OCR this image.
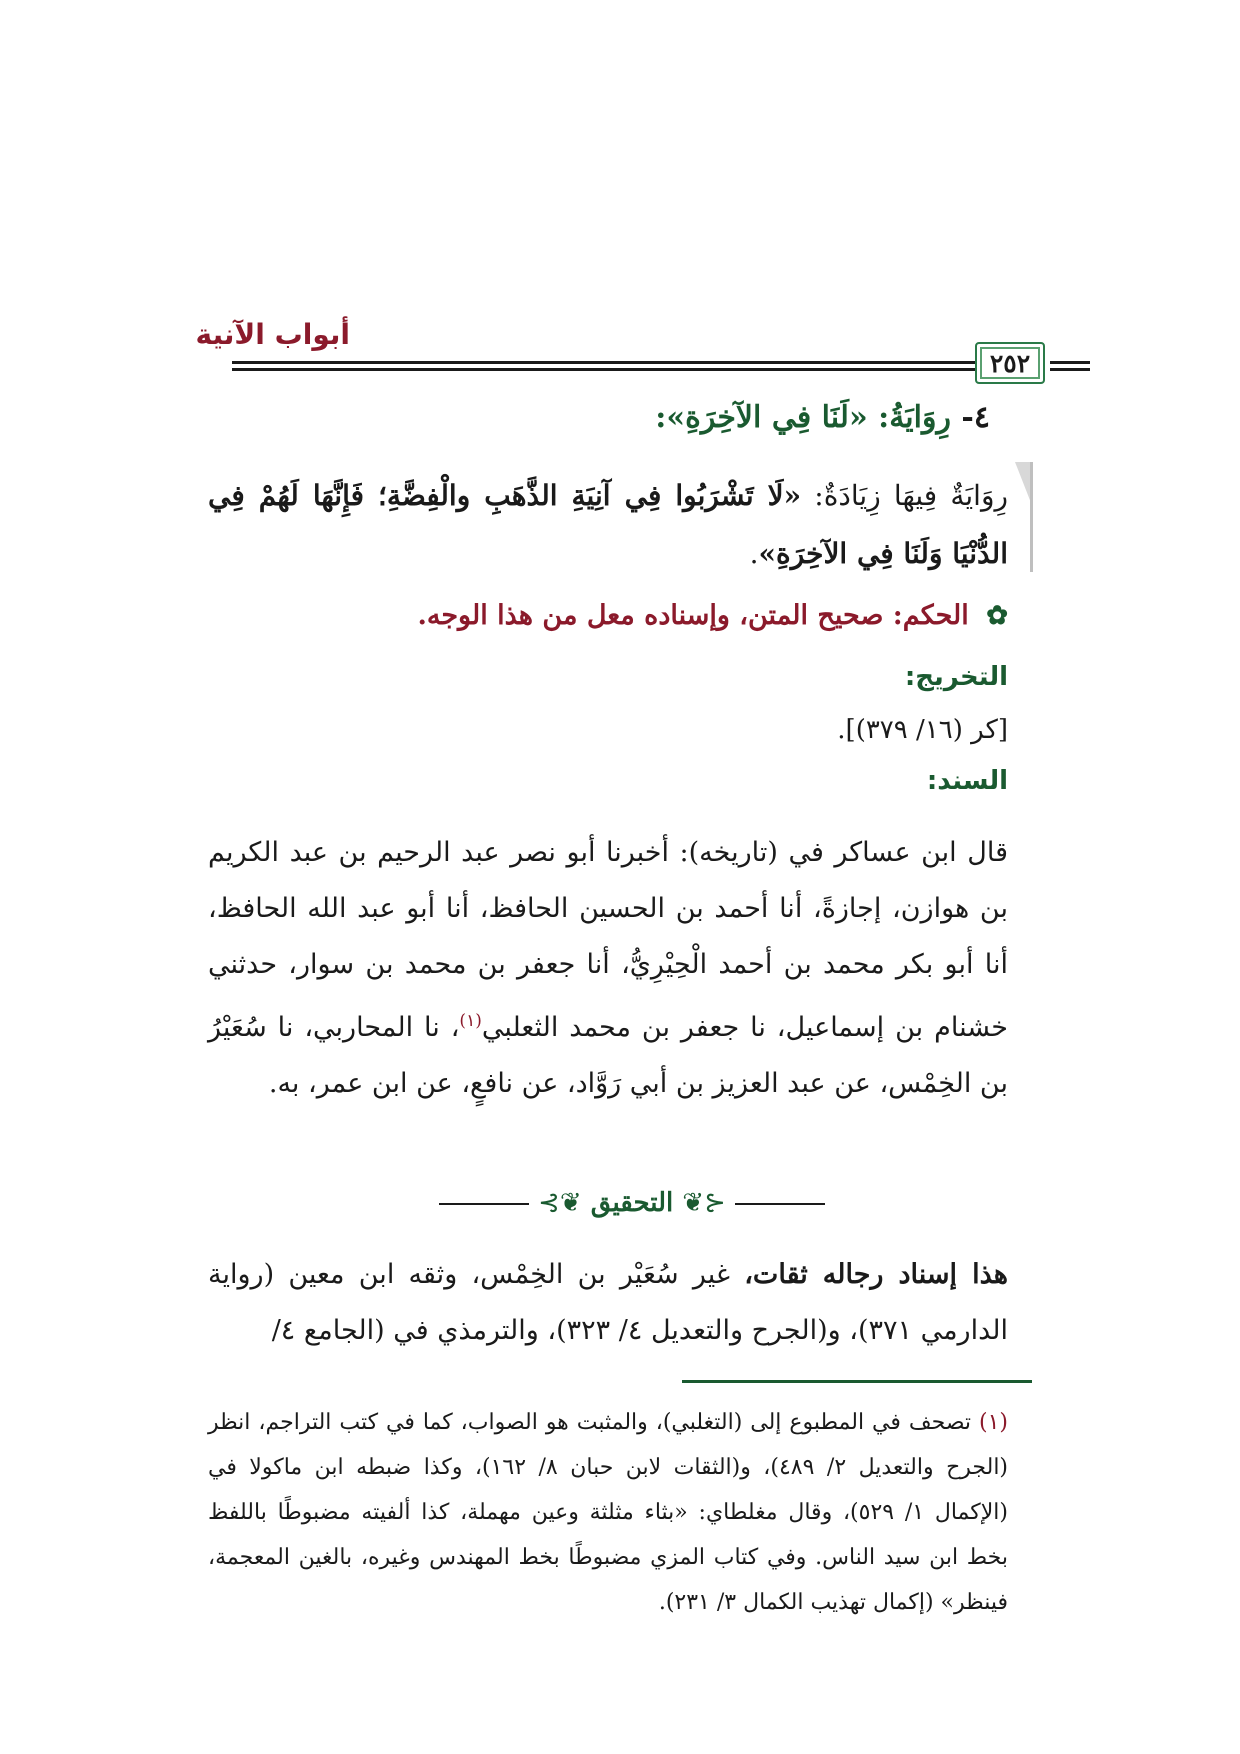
أبواب الآنية
٢٥٢
٤- رِوَايَةُ: «لَنَا فِي الآخِرَةِ»:
رِوَايَةٌ فِيهَا زِيَادَةٌ: «لَا تَشْرَبُوا فِي آنِيَةِ الذَّهَبِ والْفِضَّةِ؛ فَإِنَّهَا لَهُمْ فِي الدُّنْيَا وَلَنَا فِي الآخِرَةِ».
✿ الحكم: صحيح المتن، وإسناده معل من هذا الوجه.
التخريج:
[كر (١٦/ ٣٧٩)].
السند:
قال ابن عساكر في (تاريخه): أخبرنا أبو نصر عبد الرحيم بن عبد الكريم بن هوازن، إجازةً، أنا أحمد بن الحسين الحافظ، أنا أبو عبد الله الحافظ، أنا أبو بكر محمد بن أحمد الْحِيْرِيُّ، أنا جعفر بن محمد بن سوار، حدثني خشنام بن إسماعيل، نا جعفر بن محمد الثعلبي$^{(١)}$، نا المحاربي، نا سُعَيْرُ بن الخِمْس، عن عبد العزيز بن أبي رَوَّاد، عن نافعٍ، عن ابن عمر، به.
⊰❦ التحقيق ❦⊱
هذا إسناد رجاله ثقات، غير سُعَيْر بن الخِمْس، وثقه ابن معين (رواية الدارمي ٣٧١)، و(الجرح والتعديل ٤/ ٣٢٣)، والترمذي في (الجامع ٤/
(١) تصحف في المطبوع إلى (التغلبي)، والمثبت هو الصواب، كما في كتب التراجم، انظر (الجرح والتعديل ٢/ ٤٨٩)، و(الثقات لابن حبان ٨/ ١٦٢)، وكذا ضبطه ابن ماكولا في (الإكمال ١/ ٥٢٩)، وقال مغلطاي: «بثاء مثلثة وعين مهملة، كذا ألفيته مضبوطًا باللفظ بخط ابن سيد الناس. وفي كتاب المزي مضبوطًا بخط المهندس وغيره، بالغين المعجمة، فينظر» (إكمال تهذيب الكمال ٣/ ٢٣١).
